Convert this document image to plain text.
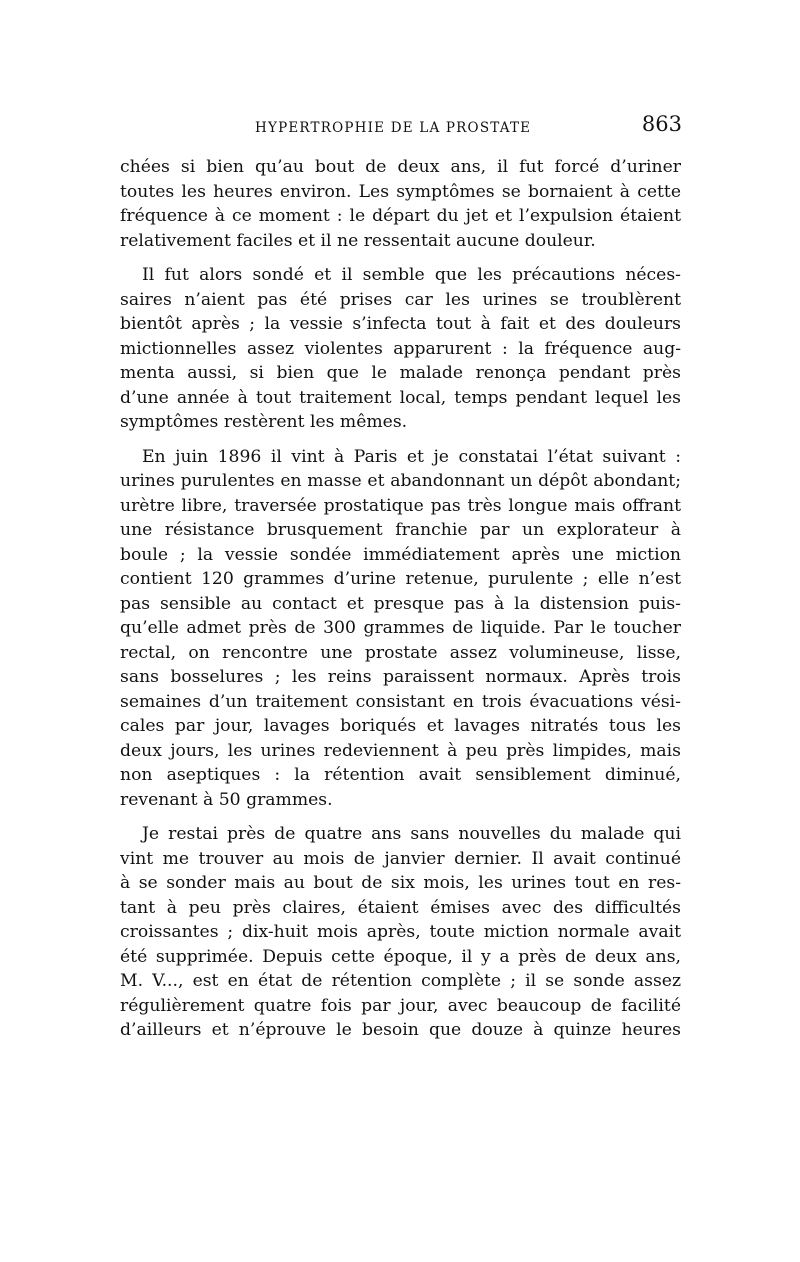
HYPERTROPHIE DE LA PROSTATE	863
chées si bien qu’au bout de deux ans, il fut forcé d’uriner
toutes les heures environ. Les symptômes se bornaient à cette
fréquence à ce moment : le départ du jet et l’expulsion étaient
relativement faciles et il ne ressentait aucune douleur.
Il fut alors sondé et il semble que les précautions néces-
saires n’aient pas été prises car les urines se troublèrent
bientôt après ; la vessie s’infecta tout à fait et des douleurs
mictionnelles assez violentes apparurent : la fréquence aug-
menta aussi, si bien que le malade renonça pendant près
d’une année à tout traitement local, temps pendant lequel les
symptômes restèrent les mêmes.
En juin 1896 il vint à Paris et je constatai l’état suivant :
urines purulentes en masse et abandonnant un dépôt abondant;
urètre libre, traversée prostatique pas très longue mais offrant
une résistance brusquement franchie par un explorateur à
boule ; la vessie sondée immédiatement après une miction
contient 120 grammes d’urine retenue, purulente ; elle n’est
pas sensible au contact et presque pas à la distension puis-
qu’elle admet près de 300 grammes de liquide. Par le toucher
rectal, on rencontre une prostate assez volumineuse, lisse,
sans bosselures ; les reins paraissent normaux. Après trois
semaines d’un traitement consistant en trois évacuations vési-
cales par jour, lavages boriqués et lavages nitratés tous les
deux jours, les urines redeviennent à peu près limpides, mais
non aseptiques : la rétention avait sensiblement diminué,
revenant à 50 grammes.
Je restai près de quatre ans sans nouvelles du malade qui
vint me trouver au mois de janvier dernier. Il avait continué
à se sonder mais au bout de six mois, les urines tout en res-
tant à peu près claires, étaient émises avec des difficultés
croissantes ; dix-huit mois après, toute miction normale avait
été supprimée. Depuis cette époque, il y a près de deux ans,
M. V..., est en état de rétention complète ; il se sonde assez
régulièrement quatre fois par jour, avec beaucoup de facilité
d’ailleurs et n’éprouve le besoin que douze à quinze heures
